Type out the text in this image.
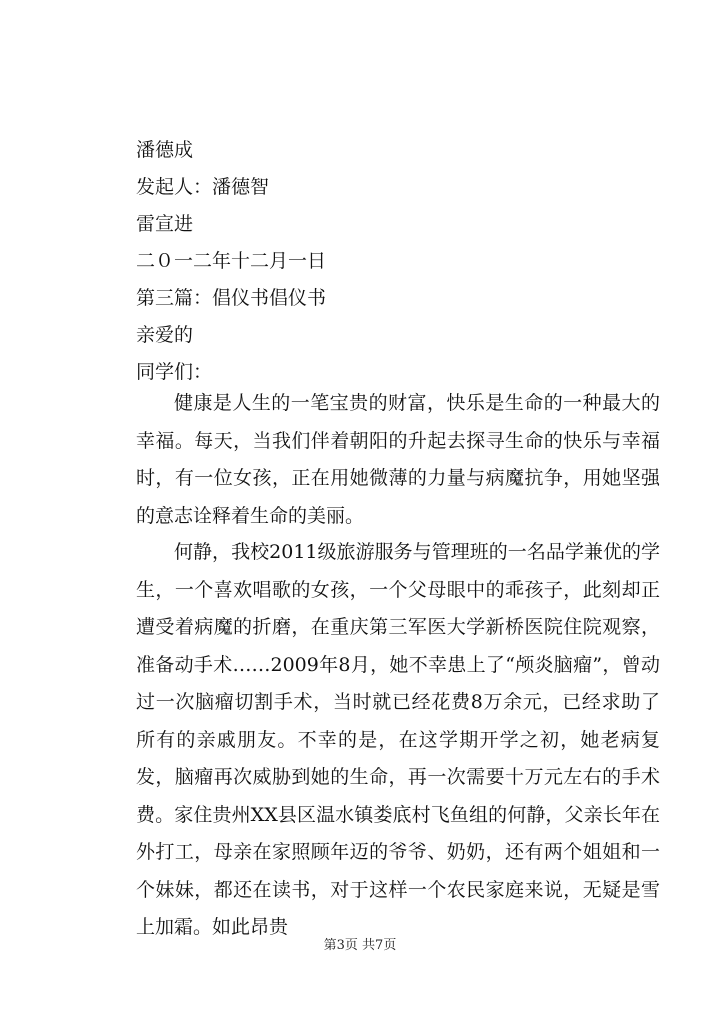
潘德成
发起人：潘德智
雷宣进
二０一二年十二月一日
第三篇：倡仪书倡仪书
亲爱的
同学们：
健康是人生的一笔宝贵的财富，快乐是生命的一种最大的幸福。每天，当我们伴着朝阳的升起去探寻生命的快乐与幸福时，有一位女孩，正在用她微薄的力量与病魔抗争，用她坚强的意志诠释着生命的美丽。
何静，我校2011级旅游服务与管理班的一名品学兼优的学生，一个喜欢唱歌的女孩，一个父母眼中的乖孩子，此刻却正遭受着病魔的折磨，在重庆第三军医大学新桥医院住院观察，准备动手术……2009年8月，她不幸患上了“颅炎脑瘤”，曾动过一次脑瘤切割手术，当时就已经花费8万余元，已经求助了所有的亲戚朋友。不幸的是，在这学期开学之初，她老病复发，脑瘤再次威胁到她的生命，再一次需要十万元左右的手术费。家住贵州XX县区温水镇娄底村飞鱼组的何静，父亲长年在外打工，母亲在家照顾年迈的爷爷、奶奶，还有两个姐姐和一个妹妹，都还在读书，对于这样一个农民家庭来说，无疑是雪上加霜。如此昂贵
第3页 共7页
